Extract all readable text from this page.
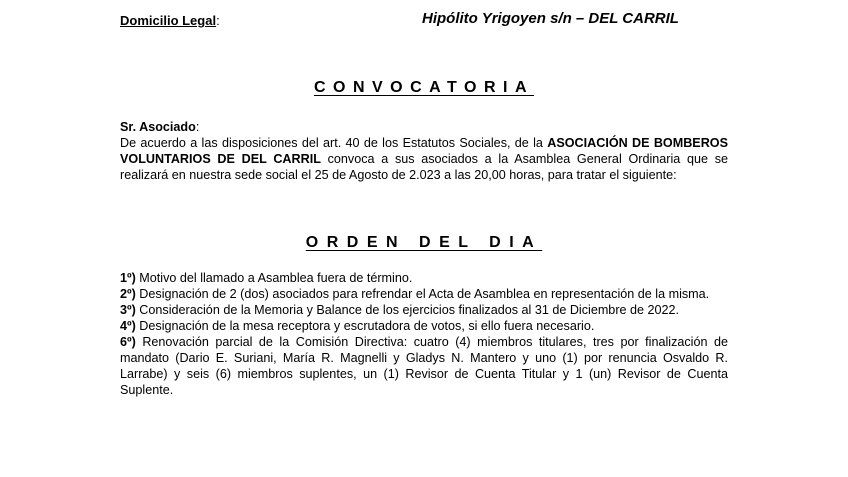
Domicilio Legal:	Hipólito Yrigoyen s/n – DEL CARRIL
CONVOCATORIA
Sr. Asociado:
De acuerdo a las disposiciones del art. 40 de los Estatutos Sociales, de la ASOCIACIÓN DE BOMBEROS VOLUNTARIOS DE DEL CARRIL convoca a sus asociados a la Asamblea General Ordinaria que se realizará en nuestra sede social el 25 de Agosto de 2.023 a las 20,00 horas, para tratar el siguiente:
ORDEN DEL DIA

1º) Motivo del llamado a Asamblea fuera de término.

2º) Designación de 2 (dos) asociados para refrendar el Acta de Asamblea en representación de la misma.

3º) Consideración de la Memoria y Balance de los ejercicios finalizados al 31 de Diciembre de 2022.

4º) Designación de la mesa receptora y escrutadora de votos, si ello fuera necesario.

6º) Renovación parcial de la Comisión Directiva: cuatro (4) miembros titulares, tres por finalización de mandato (Dario E. Suriani, María R. Magnelli y Gladys N. Mantero y uno (1) por renuncia Osvaldo R. Larrabe) y seis (6) miembros suplentes, un (1) Revisor de Cuenta Titular y 1 (un) Revisor de Cuenta Suplente.
